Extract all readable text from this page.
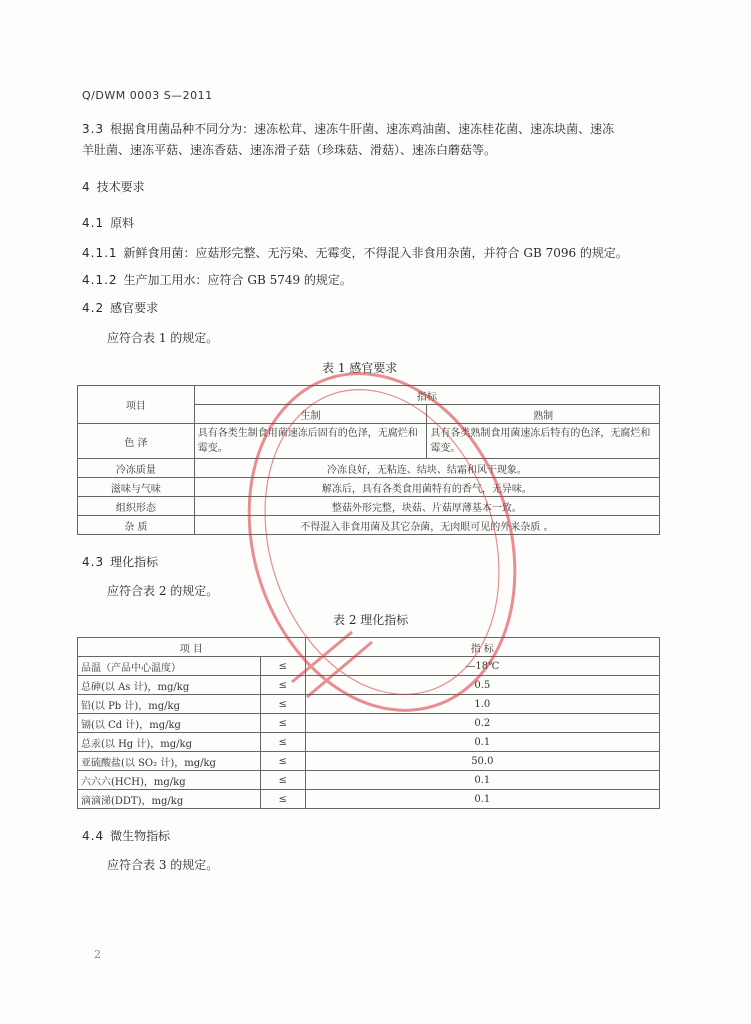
Q/DWM 0003 S—2011
3.3 根据食用菌品种不同分为：速冻松茸、速冻牛肝菌、速冻鸡油菌、速冻桂花菌、速冻块菌、速冻
羊肚菌、速冻平菇、速冻香菇、速冻滑子菇（珍珠菇、滑菇）、速冻白蘑菇等。
4 技术要求
4.1 原料
4.1.1 新鲜食用菌：应菇形完整、无污染、无霉变，不得混入非食用杂菌，并符合 GB 7096 的规定。
4.1.2 生产加工用水：应符合 GB 5749 的规定。
4.2 感官要求
应符合表 1 的规定。
表 1 感官要求
项目	指标	
	生制	熟制
色 泽	具有各类生制食用菌速冻后固有的色泽，无腐烂和霉变。	具有各类熟制食用菌速冻后特有的色泽，无腐烂和霉变。
冷冻质量	冷冻良好，无粘连、结块、结霜和风干现象。	
滋味与气味	解冻后，具有各类食用菌特有的香气，无异味。	
组织形态	整菇外形完整，块菇、片菇厚薄基本一致。	
杂 质	不得混入非食用菌及其它杂菌，无肉眼可见的外来杂质 。	
4.3 理化指标
应符合表 2 的规定。
表 2 理化指标
项 目		指 标
品温（产品中心温度）	≤	—18℃
总砷(以 As 计)，mg/kg	≤	0.5
铅(以 Pb 计)，mg/kg	≤	1.0
镉(以 Cd 计)，mg/kg	≤	0.2
总汞(以 Hg 计)，mg/kg	≤	0.1
亚硫酸盐(以 SO₂ 计)，mg/kg	≤	50.0
六六六(HCH)，mg/kg	≤	0.1
滴滴涕(DDT)，mg/kg	≤	0.1
4.4 微生物指标
应符合表 3 的规定。
2
